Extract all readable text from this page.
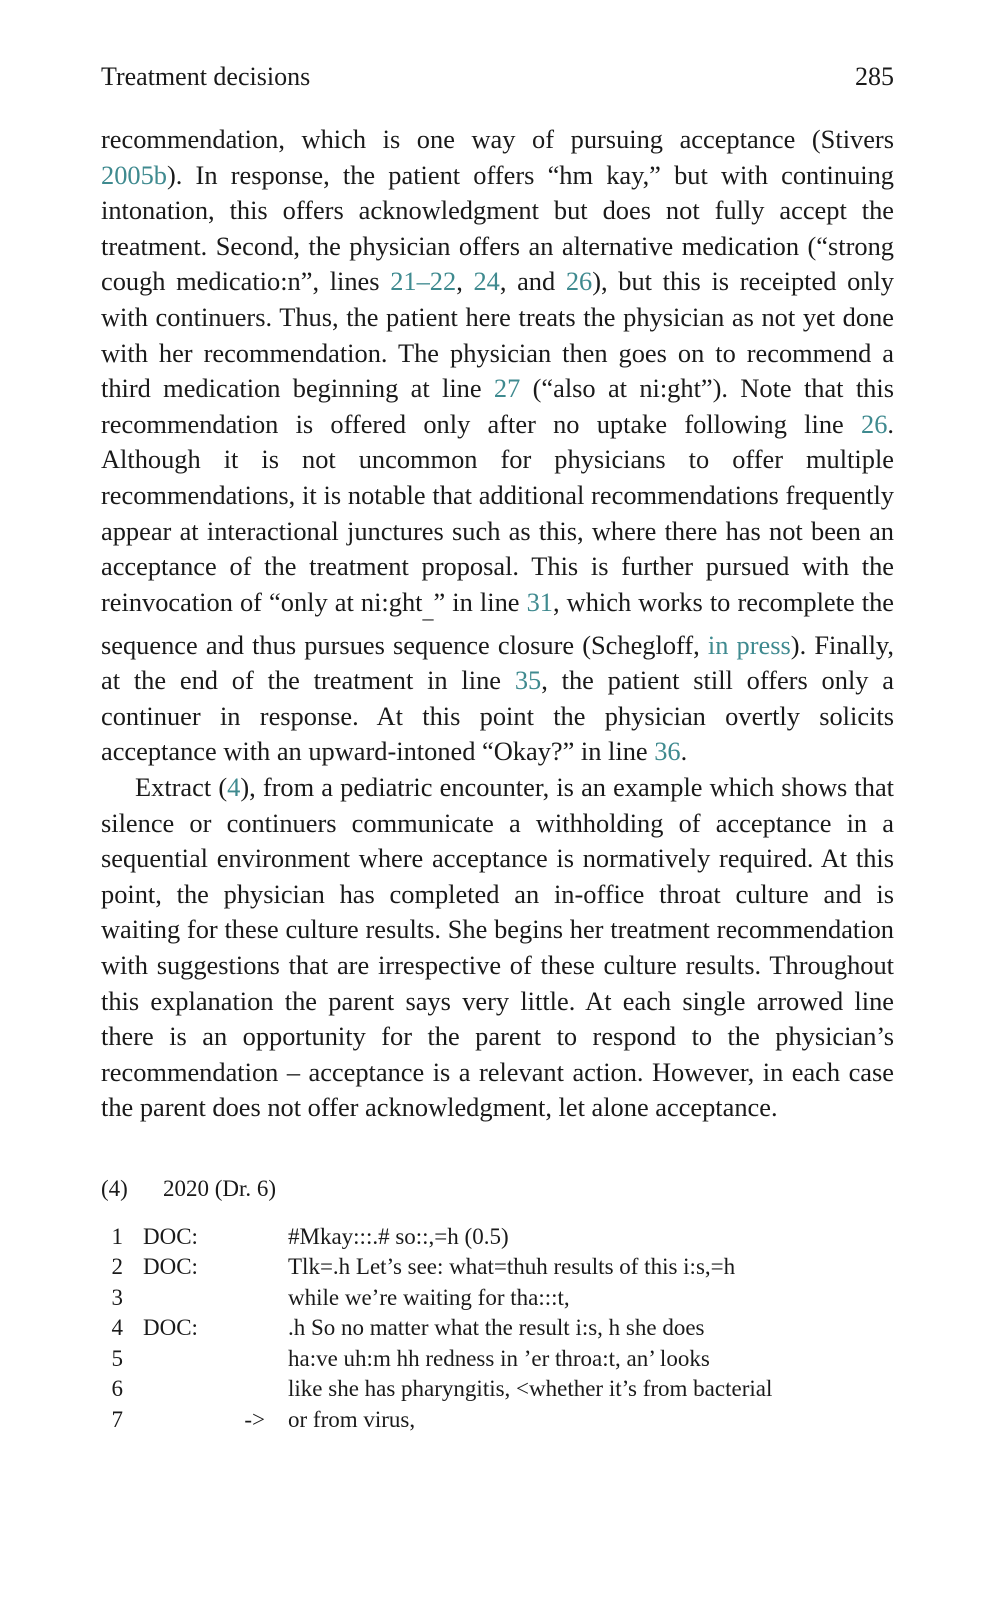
Treatment decisions	285

recommendation, which is one way of pursuing acceptance (Stivers 2005b). In response, the patient offers “hm kay,” but with continuing intonation, this offers acknowledgment but does not fully accept the treatment. Second, the physician offers an alternative medication (“strong cough medicatio:n”, lines 21–22, 24, and 26), but this is receipted only with continuers. Thus, the patient here treats the physician as not yet done with her recommendation. The physician then goes on to recommend a third medication beginning at line 27 (“also at ni:ght”). Note that this recommendation is offered only after no uptake following line 26. Although it is not uncommon for physicians to offer multiple recommendations, it is notable that additional recommendations frequently appear at interactional junctures such as this, where there has not been an acceptance of the treatment proposal. This is further pursued with the reinvocation of “only at ni:ght$_{\_}$” in line 31, which works to recomplete the sequence and thus pursues sequence closure (Schegloff, in press). Finally, at the end of the treatment in line 35, the patient still offers only a continuer in response. At this point the physician overtly solicits acceptance with an upward-intoned “Okay?” in line 36.

Extract (4), from a pediatric encounter, is an example which shows that silence or continuers communicate a withholding of acceptance in a sequential environment where acceptance is normatively required. At this point, the physician has completed an in-office throat culture and is waiting for these culture results. She begins her treatment recommendation with suggestions that are irrespective of these culture results. Throughout this explanation the parent says very little. At each single arrowed line there is an opportunity for the parent to respond to the physician’s recommendation – acceptance is a relevant action. However, in each case the parent does not offer acknowledgment, let alone acceptance.

(4)	2020 (Dr. 6)
1 DOC:	#Mkay:::.# so::,=h (0.5)
2 DOC:	Tlk=.h Let’s see: what=thuh results of this i:s,=h
3	while we’re waiting for tha:::t,
4 DOC:	.h So no matter what the result i:s, h she does
5	ha:ve uh:m hh redness in ’er throa:t, an’ looks
6	like she has pharyngitis, <whether it’s from bacterial
7	->	or from virus,
